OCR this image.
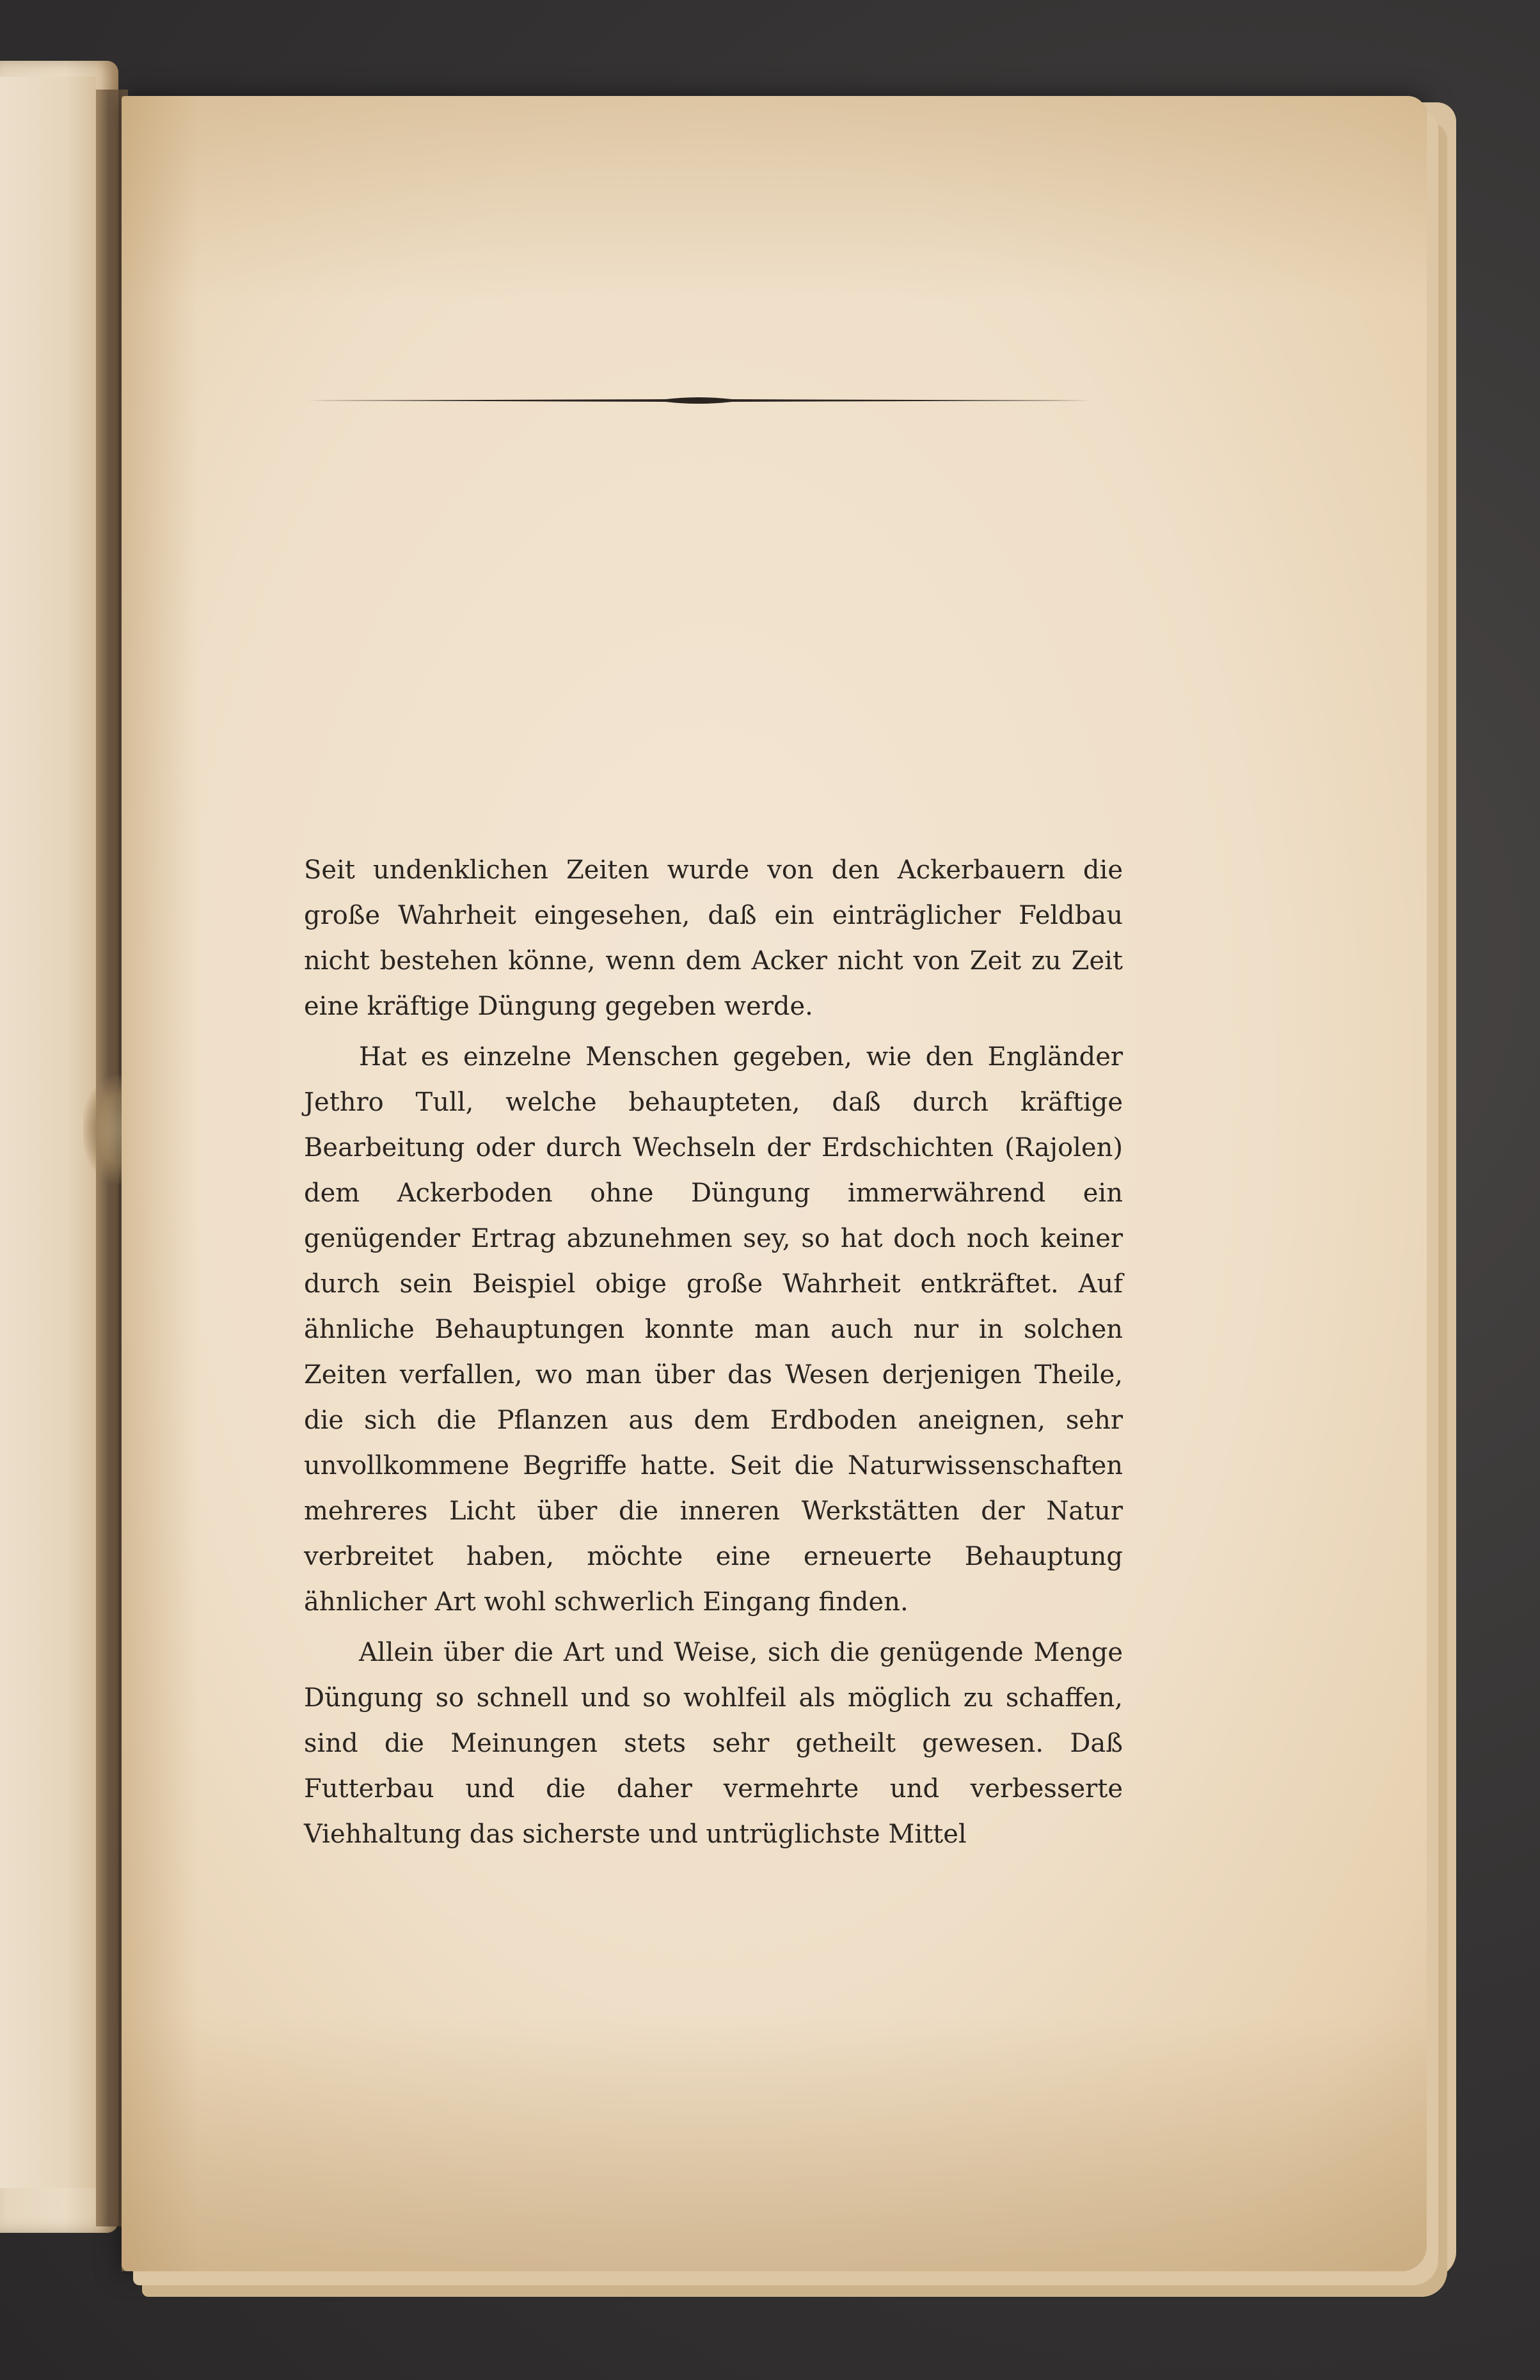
Seit undenklichen Zeiten wurde von den Ackerbauern die große Wahrheit eingesehen, daß ein einträglicher Feldbau nicht bestehen könne, wenn dem Acker nicht von Zeit zu Zeit eine kräftige Düngung gegeben werde.

Hat es einzelne Menschen gegeben, wie den Engländer Jethro Tull, welche behaupteten, daß durch kräftige Bearbeitung oder durch Wechseln der Erdschichten (Rajolen) dem Ackerboden ohne Düngung immerwährend ein genügender Ertrag abzunehmen sey, so hat doch noch keiner durch sein Beispiel obige große Wahrheit entkräftet. Auf ähnliche Behauptungen konnte man auch nur in solchen Zeiten verfallen, wo man über das Wesen derjenigen Theile, die sich die Pflanzen aus dem Erdboden aneignen, sehr unvollkommene Begriffe hatte. Seit die Naturwissenschaften mehreres Licht über die inneren Werkstätten der Natur verbreitet haben, möchte eine erneuerte Behauptung ähnlicher Art wohl schwerlich Eingang finden.

Allein über die Art und Weise, sich die genügende Menge Düngung so schnell und so wohlfeil als möglich zu schaffen, sind die Meinungen stets sehr getheilt gewesen. Daß Futterbau und die daher vermehrte und verbesserte Viehhaltung das sicherste und untrüglichste Mittel
